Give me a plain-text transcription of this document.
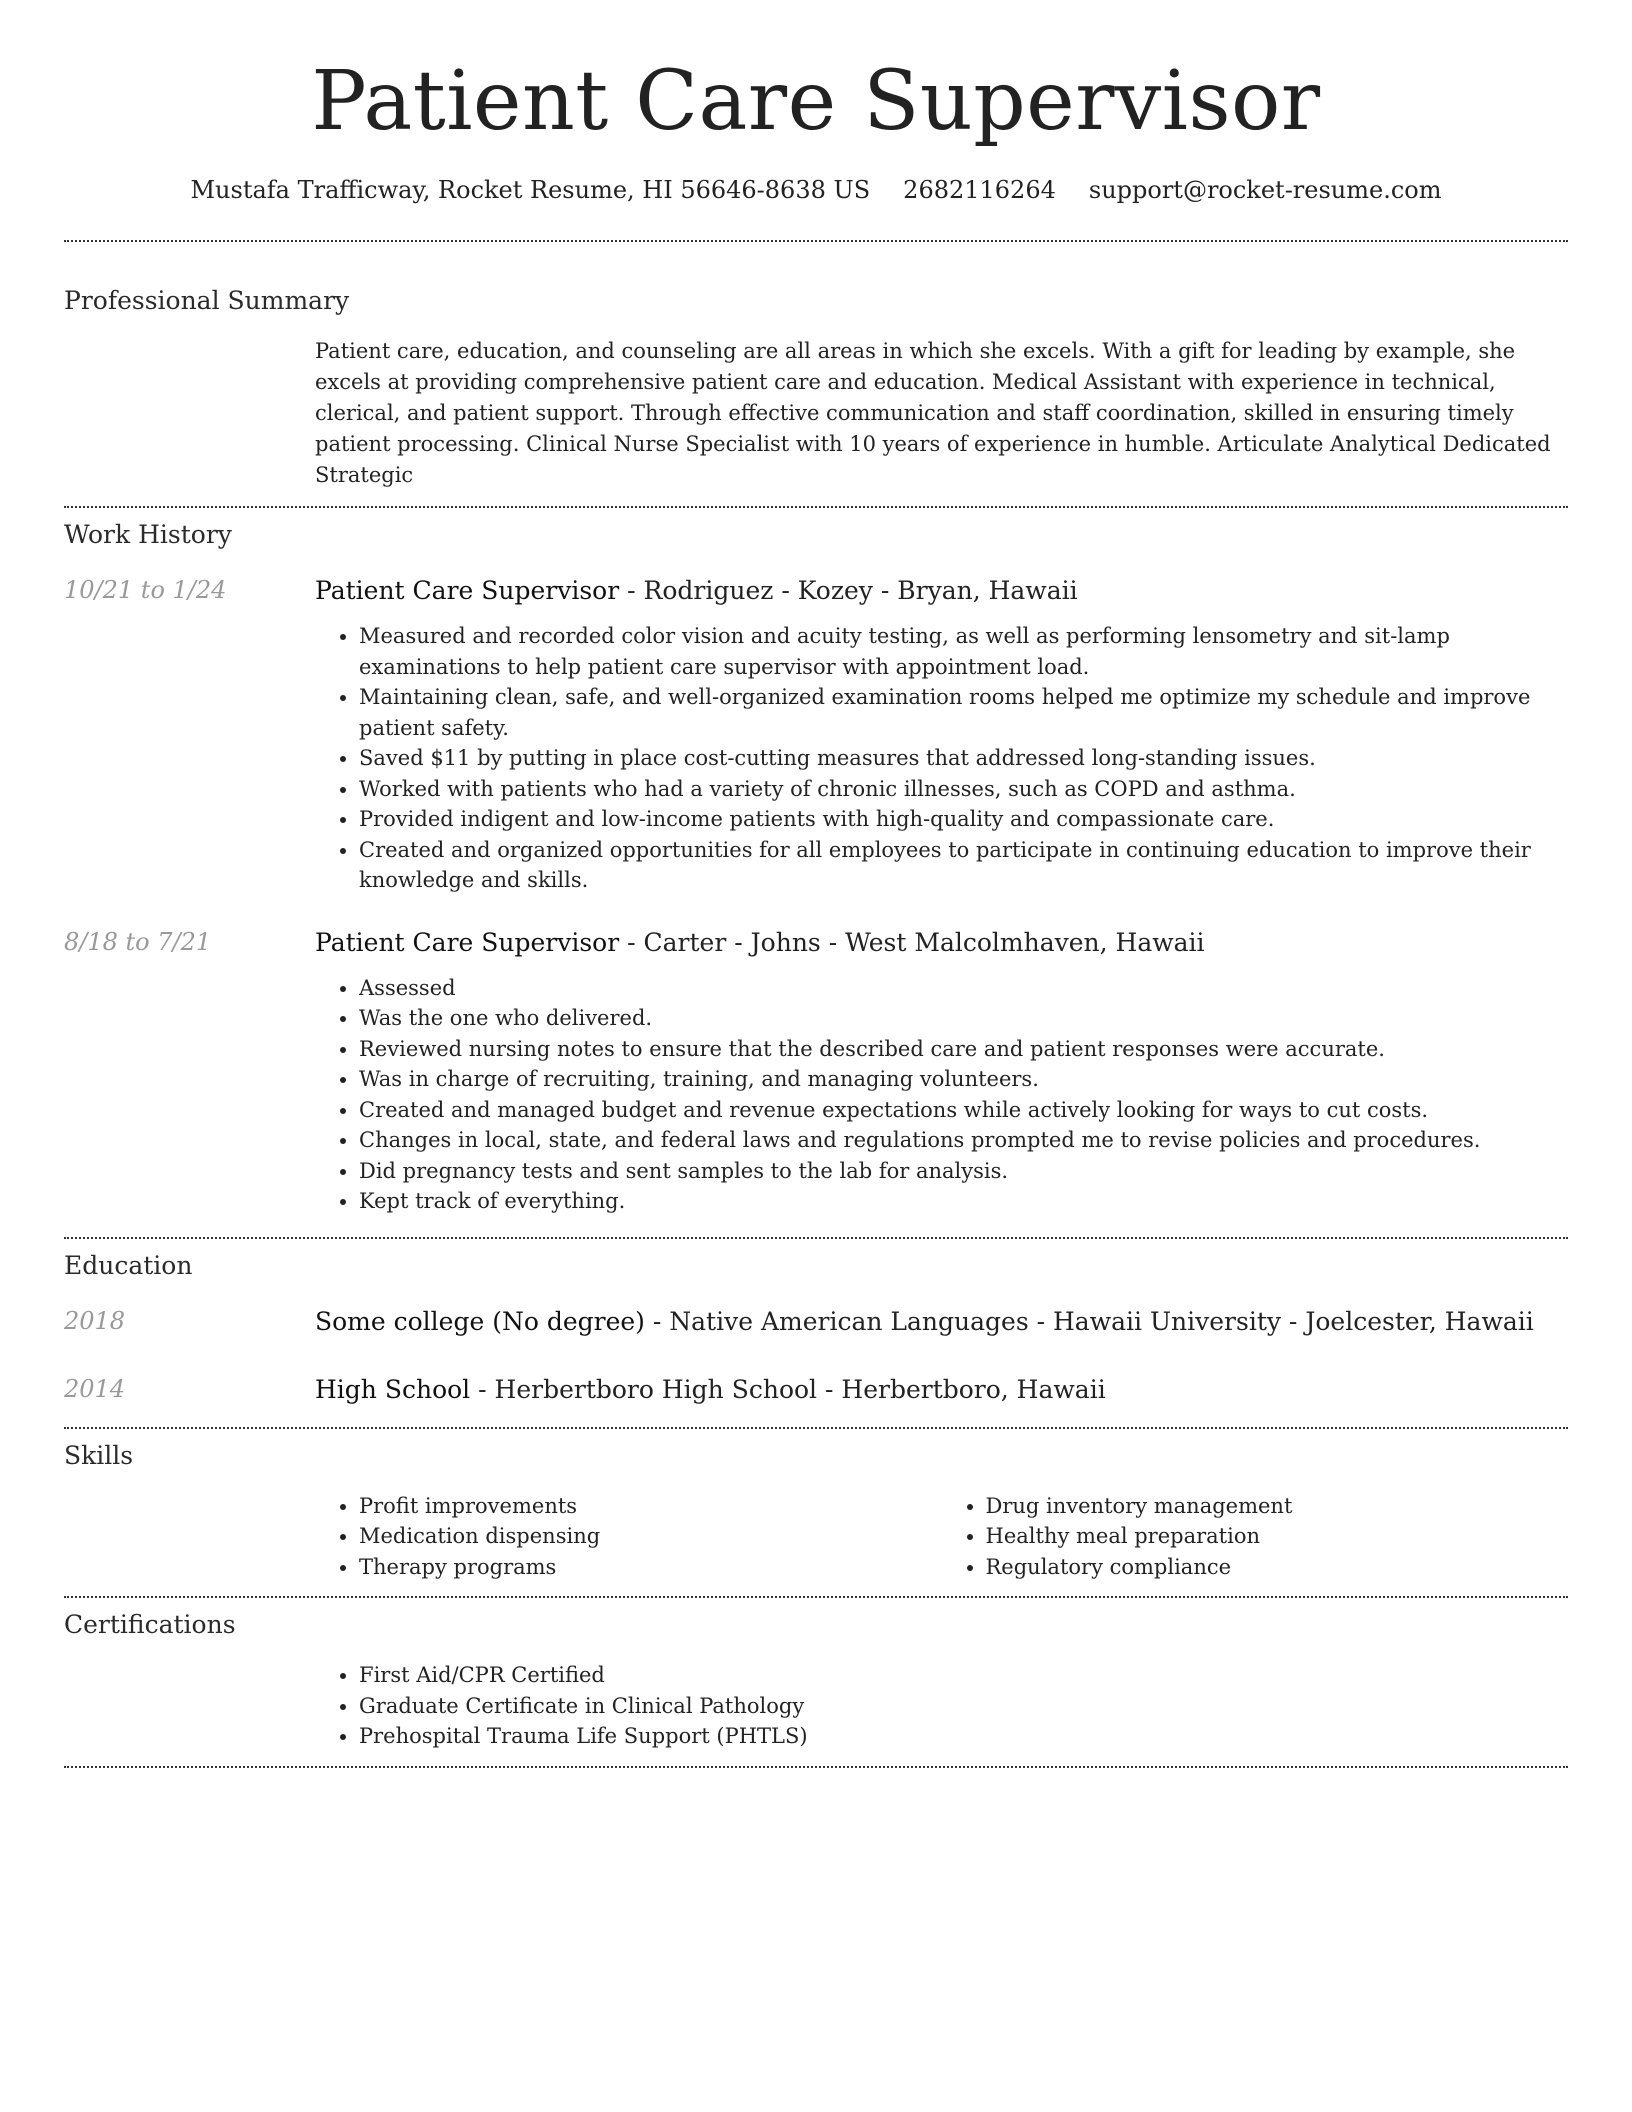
Patient Care Supervisor
Mustafa Trafficway, Rocket Resume, HI 56646-8638 US 2682116264 support@rocket-resume.com
Professional Summary

Patient care, education, and counseling are all areas in which she excels. With a gift for leading by example, she excels at providing comprehensive patient care and education. Medical Assistant with experience in technical, clerical, and patient support. Through effective communication and staff coordination, skilled in ensuring timely patient processing. Clinical Nurse Specialist with 10 years of experience in humble. Articulate Analytical Dedicated Strategic

Work History
10/21 to 1/24	Patient Care Supervisor - Rodriguez - Kozey - Bryan, Hawaii
• Measured and recorded color vision and acuity testing, as well as performing lensometry and sit-lamp examinations to help patient care supervisor with appointment load.
• Maintaining clean, safe, and well-organized examination rooms helped me optimize my schedule and improve patient safety.
• Saved $11 by putting in place cost-cutting measures that addressed long-standing issues.
• Worked with patients who had a variety of chronic illnesses, such as COPD and asthma.
• Provided indigent and low-income patients with high-quality and compassionate care.
• Created and organized opportunities for all employees to participate in continuing education to improve their knowledge and skills.
8/18 to 7/21	Patient Care Supervisor - Carter - Johns - West Malcolmhaven, Hawaii
• Assessed
• Was the one who delivered.
• Reviewed nursing notes to ensure that the described care and patient responses were accurate.
• Was in charge of recruiting, training, and managing volunteers.
• Created and managed budget and revenue expectations while actively looking for ways to cut costs.
• Changes in local, state, and federal laws and regulations prompted me to revise policies and procedures.
• Did pregnancy tests and sent samples to the lab for analysis.
• Kept track of everything.
Education
2018	Some college (No degree) - Native American Languages - Hawaii University - Joelcester, Hawaii
2014	High School - Herbertboro High School - Herbertboro, Hawaii
Skills
• Profit improvements
• Medication dispensing
• Therapy programs
• Drug inventory management
• Healthy meal preparation
• Regulatory compliance
Certifications
• First Aid/CPR Certified
• Graduate Certificate in Clinical Pathology
• Prehospital Trauma Life Support (PHTLS)
